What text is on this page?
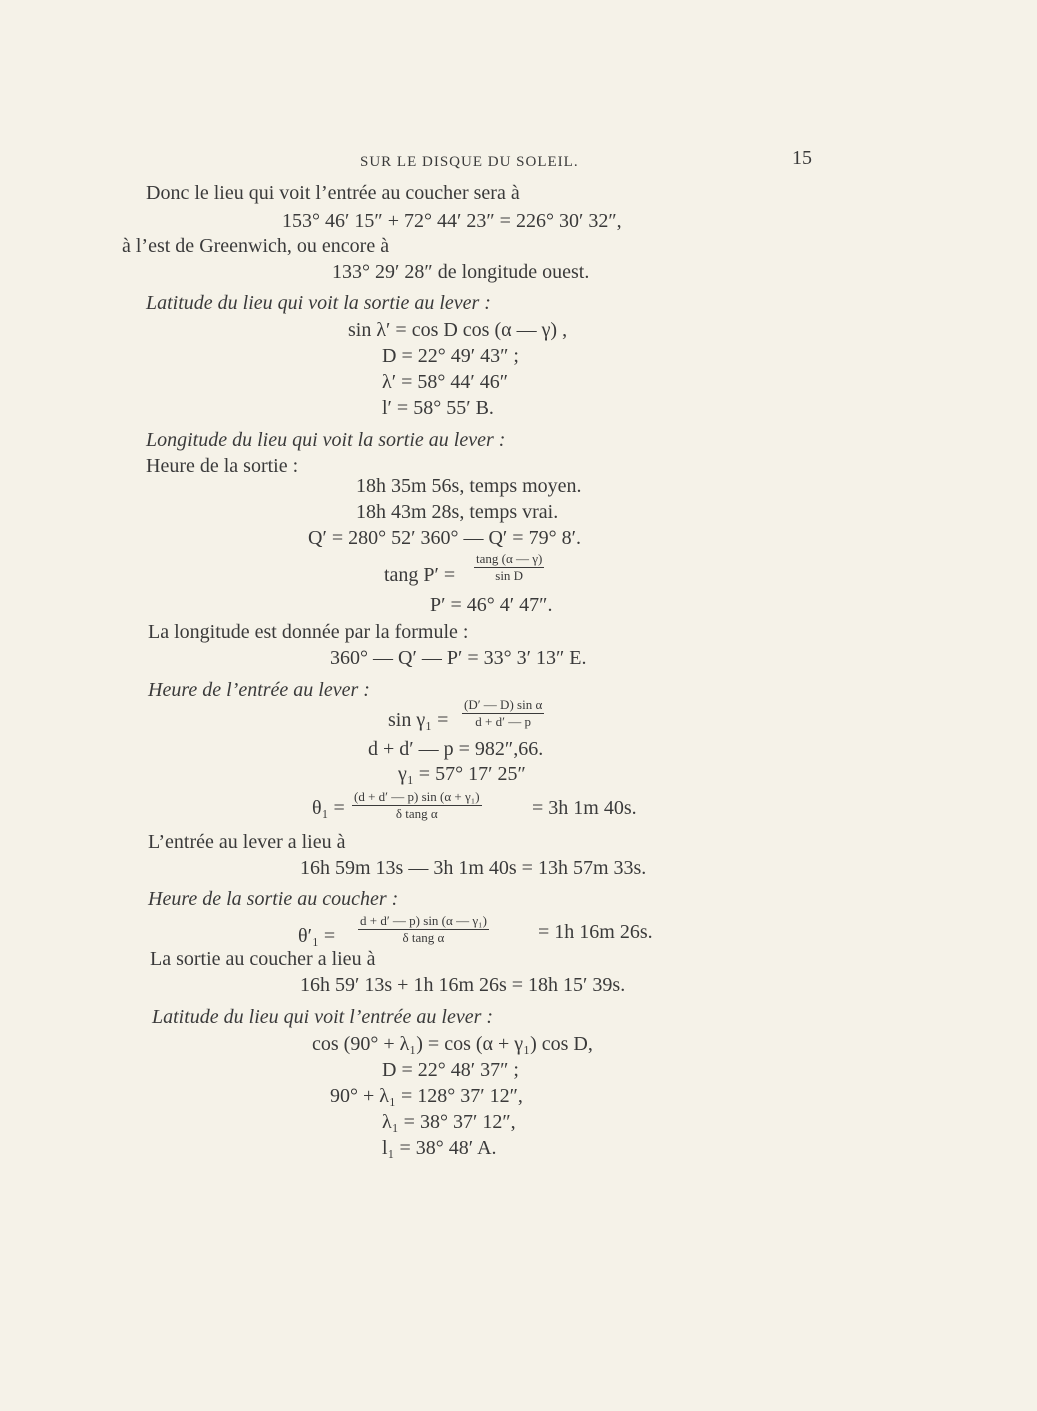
SUR LE DISQUE DU SOLEIL.	15
Donc le lieu qui voit l’entrée au coucher sera à
153° 46′ 15″ + 72° 44′ 23″ = 226° 30′ 32″,
à l’est de Greenwich, ou encore à
133° 29′ 28″ de longitude ouest.
Latitude du lieu qui voit la sortie au lever :
sin λ′ = cos D cos (α — γ) ,
D = 22° 49′ 43″ ;
λ′ = 58° 44′ 46″
l′ = 58° 55′ B.
Longitude du lieu qui voit la sortie au lever :
Heure de la sortie :
18h 35m 56s, temps moyen.
18h 43m 28s, temps vrai.
Q′ = 280° 52′ 360° — Q′ = 79° 8′.
tang $P' = \frac{\tan g (\alpha — \gamma)}{\text{sin D}}$
P′ = 46° 4′ 47″.
La longitude est donnée par la formule :
360° — Q′ — P′ = 33° 3′ 13″ E.
Heure de l’entrée au lever :
$\sin \gamma_1 = \frac{\text{(D′ — D) sin α}}{d + d' — p}$
d + d′ — p = 982″,66.
γ₁ = 57° 17′ 25″
$\theta_1 = \frac{\text{(d + d′ — p) sin (α + γ₁)}}{\text{δ tang α}}$	= 3h 1m 40s.
L’entrée au lever a lieu à
16h 59m 13s — 3h 1m 40s = 13h 57m 33s.
Heure de la sortie au coucher :
$\theta'_1 = \frac{\text{d + d′ — p) sin (α — γ₁)}}{\text{δ tang α}} = 1h$ 16m 26s.
La sortie au coucher a lieu à
16h 59′ 13s + 1h 16m 26s = 18h 15′ 39s.
Latitude du lieu qui voit l’entrée au lever :
cos (90° + λ₁) = cos (α + γ₁) cos D,
D = 22° 48′ 37″ ;
90° + λ₁ = 128° 37′ 12″,
λ₁ = 38° 37′ 12″,
l₁ = 38° 48′ A.
